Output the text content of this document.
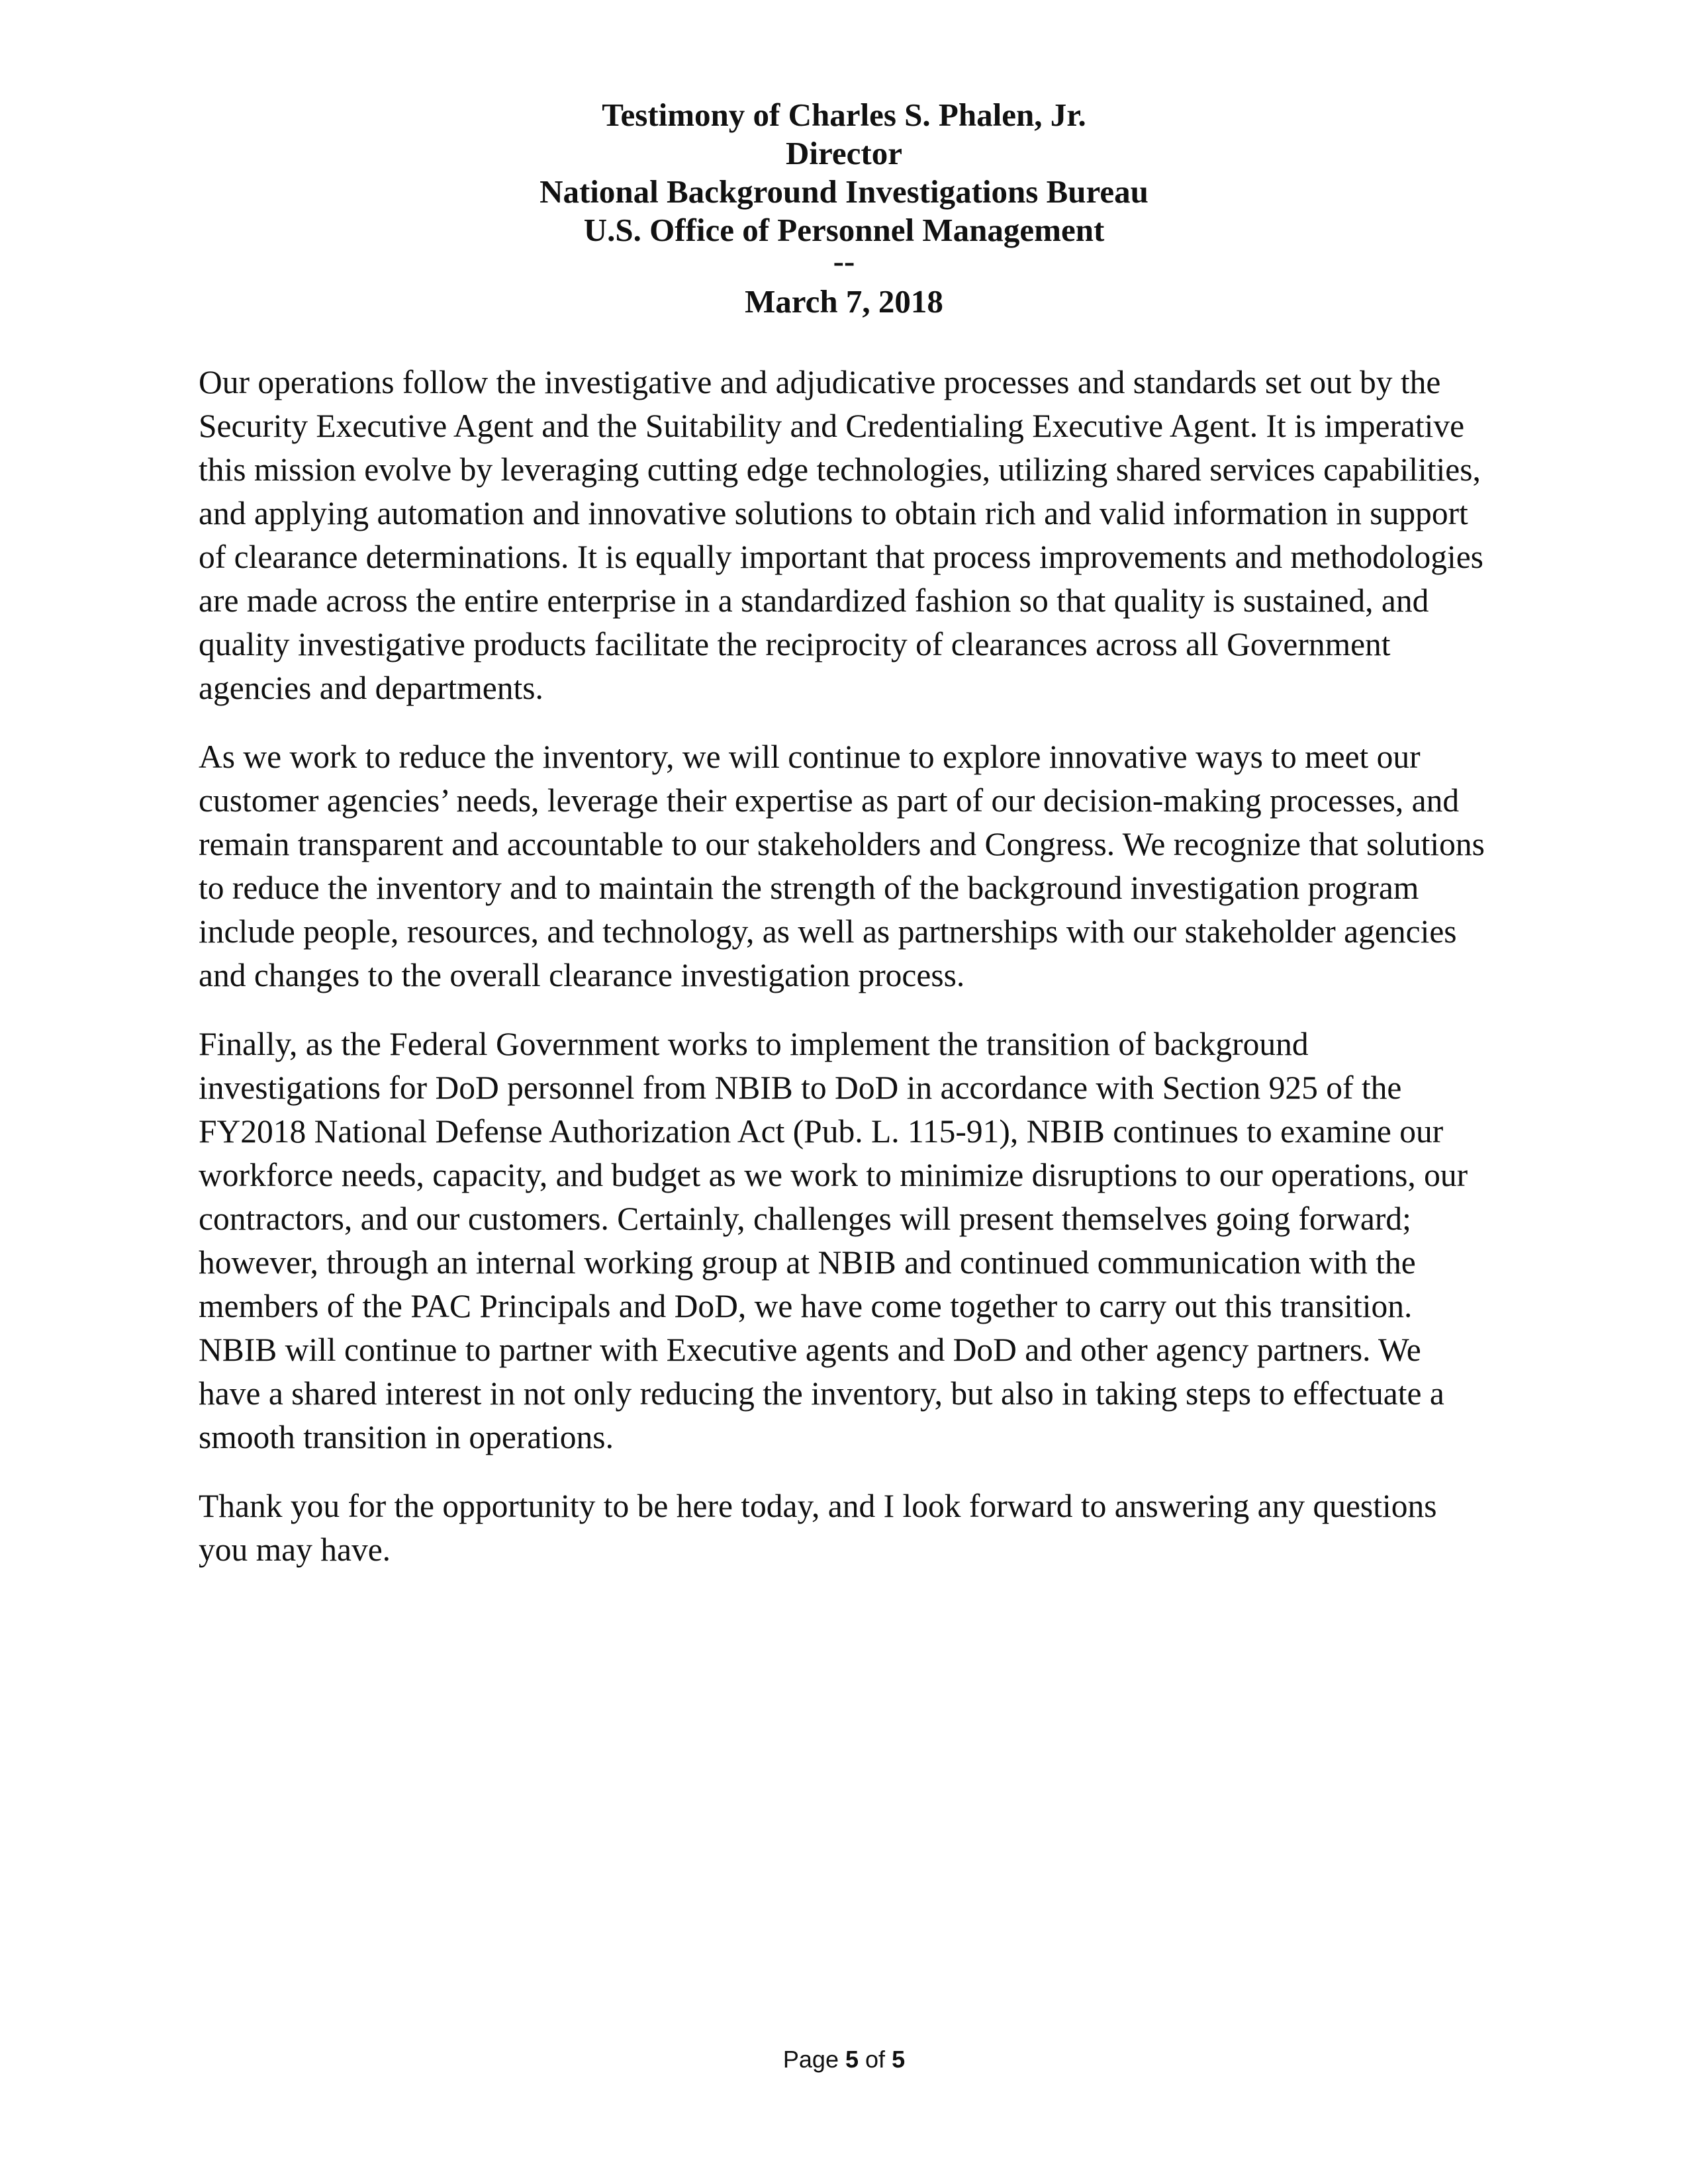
Testimony of Charles S. Phalen, Jr.
Director
National Background Investigations Bureau
U.S. Office of Personnel Management
--
March 7, 2018

Our operations follow the investigative and adjudicative processes and standards set out by the Security Executive Agent and the Suitability and Credentialing Executive Agent. It is imperative this mission evolve by leveraging cutting edge technologies, utilizing shared services capabilities, and applying automation and innovative solutions to obtain rich and valid information in support of clearance determinations. It is equally important that process improvements and methodologies are made across the entire enterprise in a standardized fashion so that quality is sustained, and quality investigative products facilitate the reciprocity of clearances across all Government agencies and departments.

As we work to reduce the inventory, we will continue to explore innovative ways to meet our customer agencies’ needs, leverage their expertise as part of our decision-making processes, and remain transparent and accountable to our stakeholders and Congress. We recognize that solutions to reduce the inventory and to maintain the strength of the background investigation program include people, resources, and technology, as well as partnerships with our stakeholder agencies and changes to the overall clearance investigation process.

Finally, as the Federal Government works to implement the transition of background investigations for DoD personnel from NBIB to DoD in accordance with Section 925 of the FY2018 National Defense Authorization Act (Pub. L. 115-91), NBIB continues to examine our workforce needs, capacity, and budget as we work to minimize disruptions to our operations, our contractors, and our customers. Certainly, challenges will present themselves going forward; however, through an internal working group at NBIB and continued communication with the members of the PAC Principals and DoD, we have come together to carry out this transition. NBIB will continue to partner with Executive agents and DoD and other agency partners. We have a shared interest in not only reducing the inventory, but also in taking steps to effectuate a smooth transition in operations.

Thank you for the opportunity to be here today, and I look forward to answering any questions you may have.

Page 5 of 5
